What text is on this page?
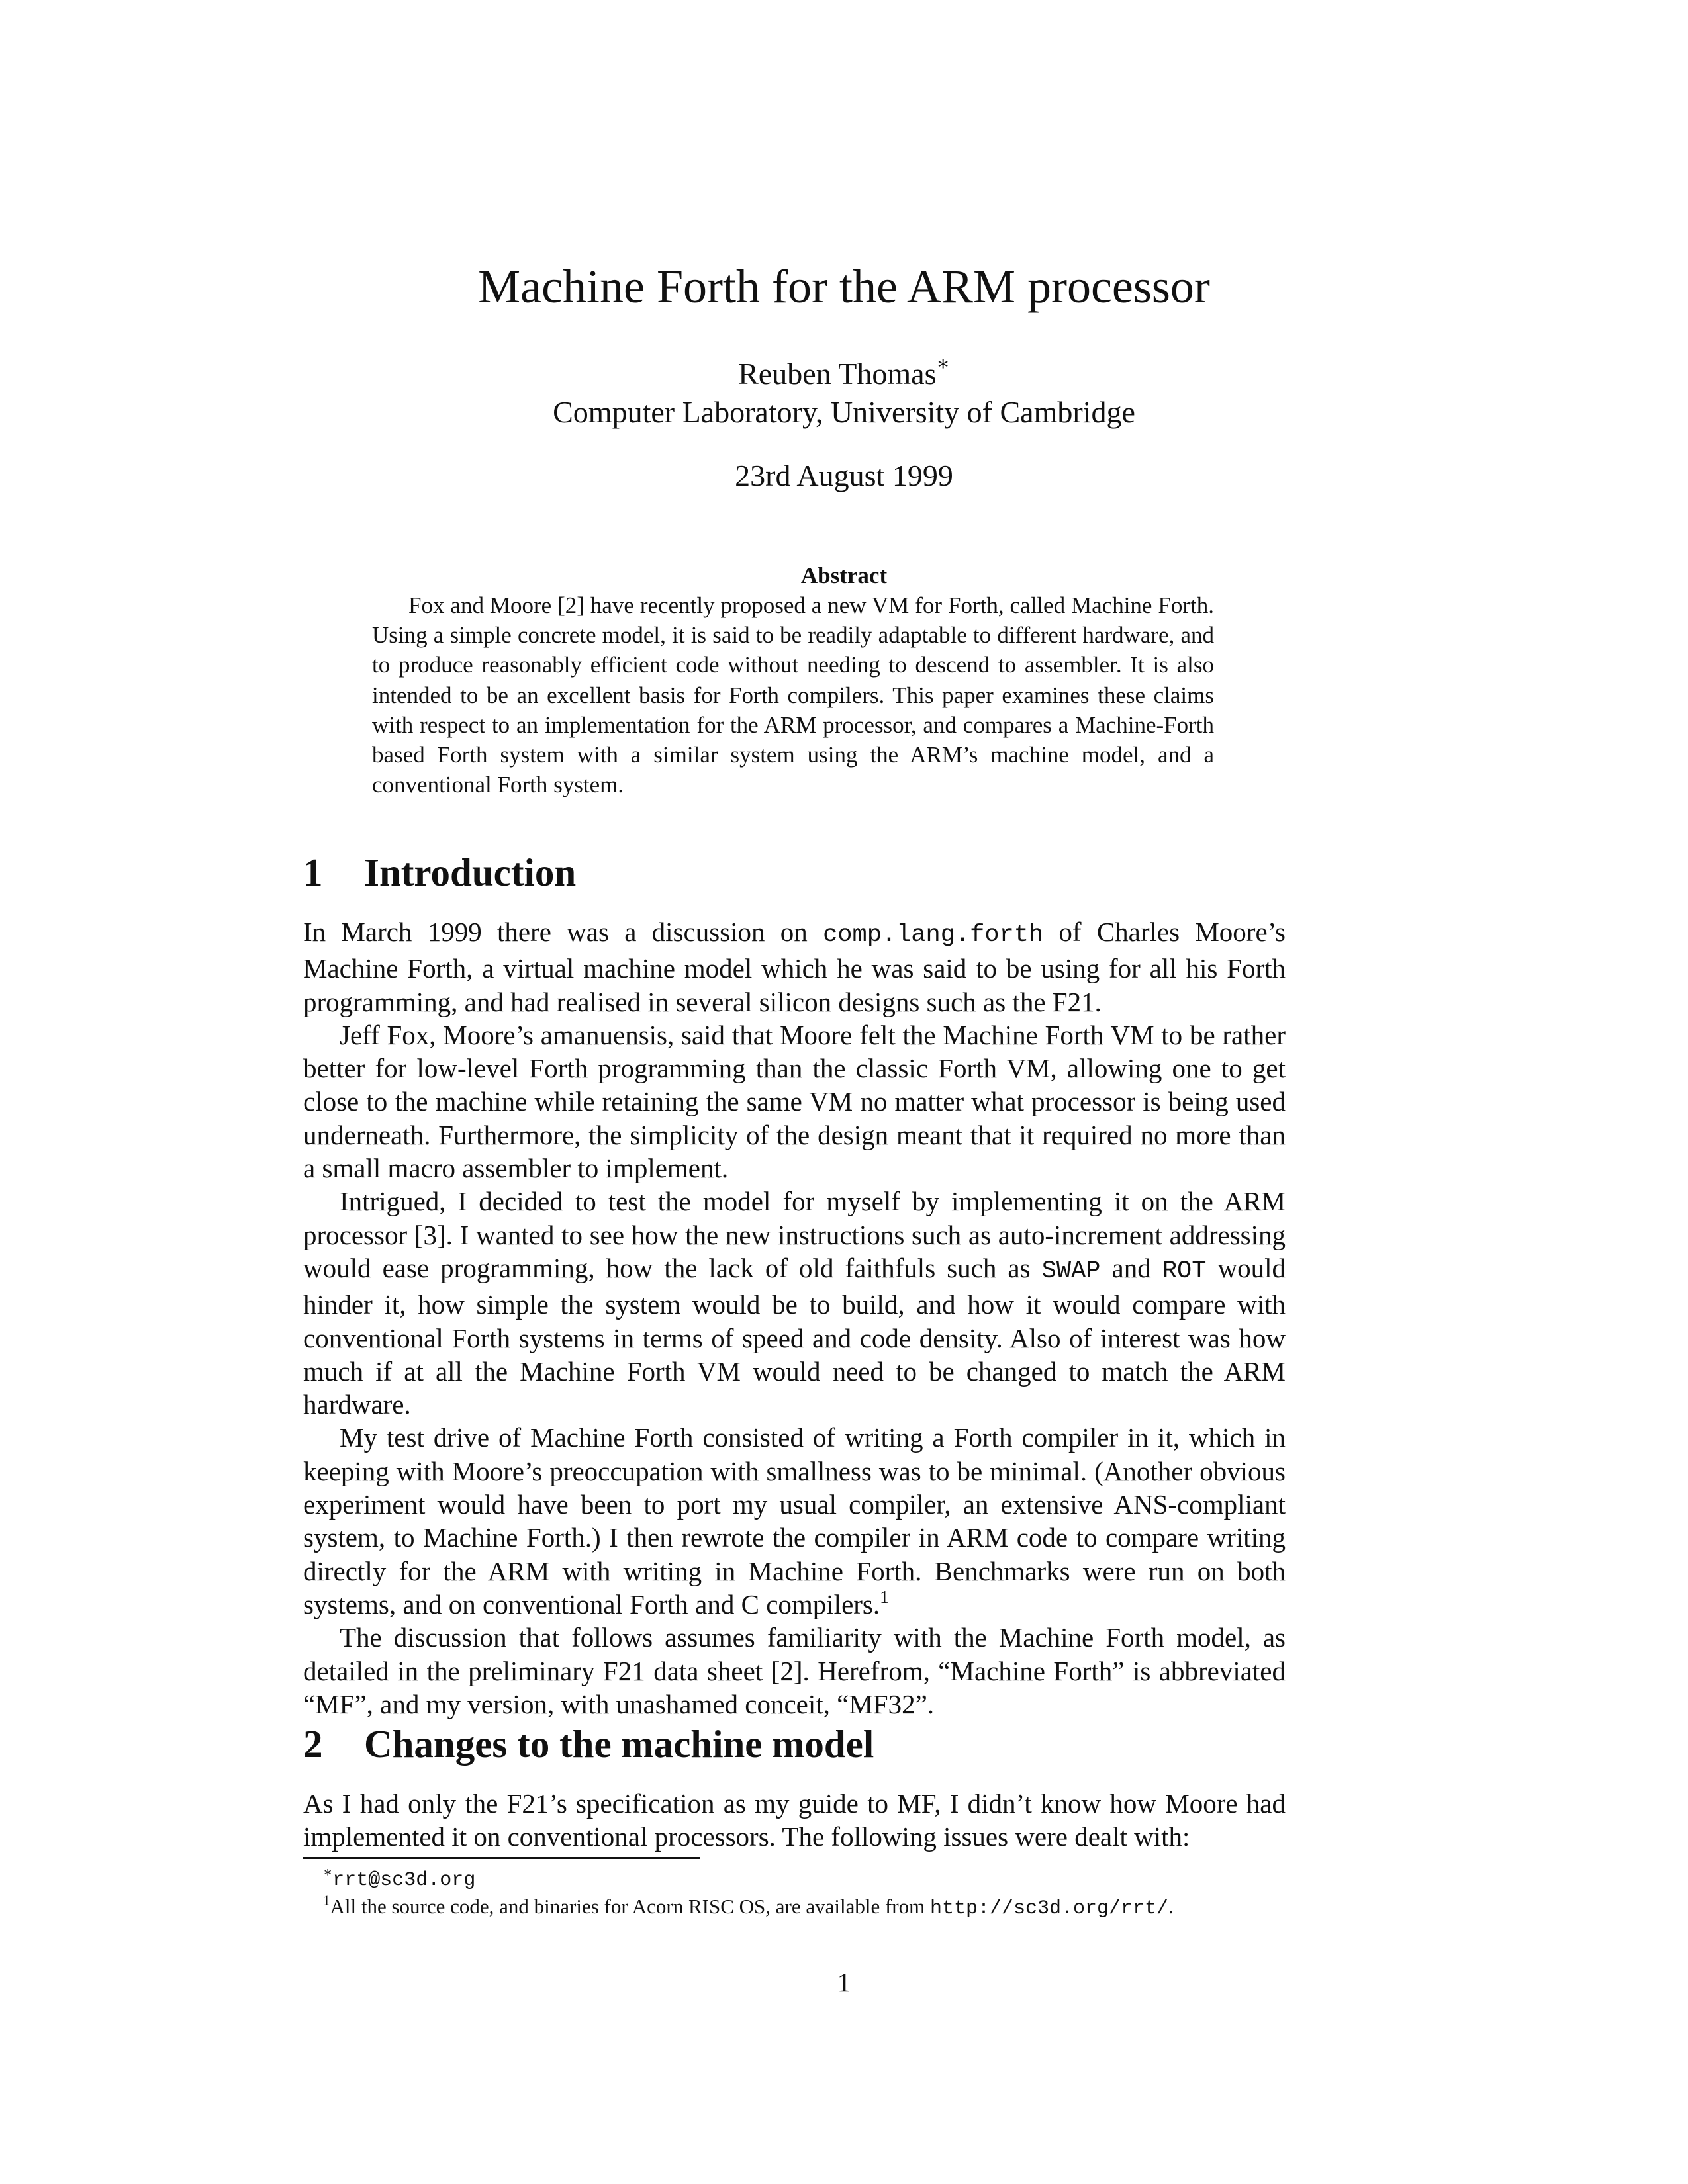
Machine Forth for the ARM processor
Reuben Thomas∗
Computer Laboratory, University of Cambridge
23rd August 1999
Abstract

Fox and Moore [2] have recently proposed a new VM for Forth, called Machine Forth. Using a simple concrete model, it is said to be readily adaptable to different hardware, and to produce reasonably efficient code without needing to descend to assembler. It is also intended to be an excellent basis for Forth compilers. This paper examines these claims with respect to an implementation for the ARM processor, and compares a Machine-Forth based Forth system with a similar system using the ARM’s machine model, and a conventional Forth system.

1 Introduction

In March 1999 there was a discussion on comp.lang.forth of Charles Moore’s Machine Forth, a virtual machine model which he was said to be using for all his Forth programming, and had realised in several silicon designs such as the F21.

Jeff Fox, Moore’s amanuensis, said that Moore felt the Machine Forth VM to be rather better for low-level Forth programming than the classic Forth VM, allowing one to get close to the machine while retaining the same VM no matter what processor is being used underneath. Furthermore, the simplicity of the design meant that it required no more than a small macro assembler to implement.

Intrigued, I decided to test the model for myself by implementing it on the ARM processor [3]. I wanted to see how the new instructions such as auto-increment addressing would ease programming, how the lack of old faithfuls such as SWAP and ROT would hinder it, how simple the system would be to build, and how it would compare with conventional Forth systems in terms of speed and code density. Also of interest was how much if at all the Machine Forth VM would need to be changed to match the ARM hardware.

My test drive of Machine Forth consisted of writing a Forth compiler in it, which in keeping with Moore’s preoccupation with smallness was to be minimal. (Another obvious experiment would have been to port my usual compiler, an extensive ANS-compliant system, to Machine Forth.) I then rewrote the compiler in ARM code to compare writing directly for the ARM with writing in Machine Forth. Benchmarks were run on both systems, and on conventional Forth and C compilers.$^1$

The discussion that follows assumes familiarity with the Machine Forth model, as detailed in the preliminary F21 data sheet [2]. Herefrom, “Machine Forth” is abbreviated “MF”, and my version, with unashamed conceit, “MF32”.

2 Changes to the machine model

As I had only the F21’s specification as my guide to MF, I didn’t know how Moore had implemented it on conventional processors. The following issues were dealt with:

∗rrt@sc3d.org
$^1$All the source code, and binaries for Acorn RISC OS, are available from http://sc3d.org/rrt/.
1
